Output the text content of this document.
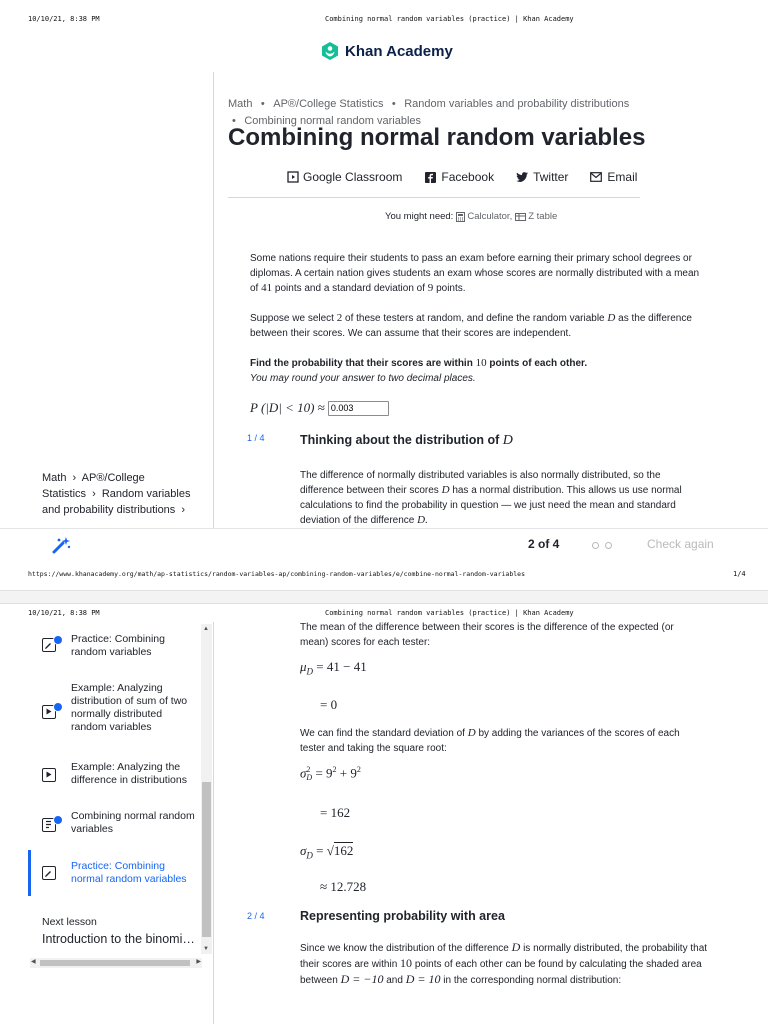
10/10/21, 8:38 PM	Combining normal random variables (practice) | Khan Academy
Khan Academy
Math • AP®︎/College Statistics • Random variables and probability distributions
• Combining normal random variables
Combining normal random variables
Google Classroom	Facebook	Twitter	Email
You might need: Calculator, Z table
Some nations require their students to pass an exam before earning their primary school degrees or diplomas. A certain nation gives students an exam whose scores are normally distributed with a mean of 41 points and a standard deviation of 9 points.
Suppose we select 2 of these testers at random, and define the random variable D as the difference between their scores. We can assume that their scores are independent.
Find the probability that their scores are within 10 points of each other.
You may round your answer to two decimal places.
P (|D| < 10) ≈
0.003
1 / 4	Thinking about the distribution of D
The difference of normally distributed variables is also normally distributed, so the difference between their scores D has a normal distribution. This allows us use normal calculations to find the probability in question — we just need the mean and standard deviation of the difference D.
Math › AP®︎/College
Statistics › Random variables
and probability distributions ›
2 of 4	Check again
https://www.khanacademy.org/math/ap-statistics/random-variables-ap/combining-random-variables/e/combine-normal-random-variables	1/4
10/10/21, 8:38 PM	Combining normal random variables (practice) | Khan Academy
▲
▼
◀	▶
Practice: Combining random variables
Example: Analyzing distribution of sum of two normally distributed random variables
Example: Analyzing the difference in distributions
Combining normal random variables
Practice: Combining normal random variables
Next lesson
Introduction to the binomi…
The mean of the difference between their scores is the difference of the expected (or mean) scores for each tester:
$\mu_D = 41 - 41$
= 0
We can find the standard deviation of D by adding the variances of the scores of each tester and taking the square root:
σ2
$D = 9^2 + 9^2$
= 162
$\sigma_D = √162$
≈ 12.728
2 / 4	Representing probability with area
Since we know the distribution of the difference D is normally distributed, the probability that their scores are within 10 points of each other can be found by calculating the shaded area between D = −10 and D = 10 in the corresponding normal distribution:
